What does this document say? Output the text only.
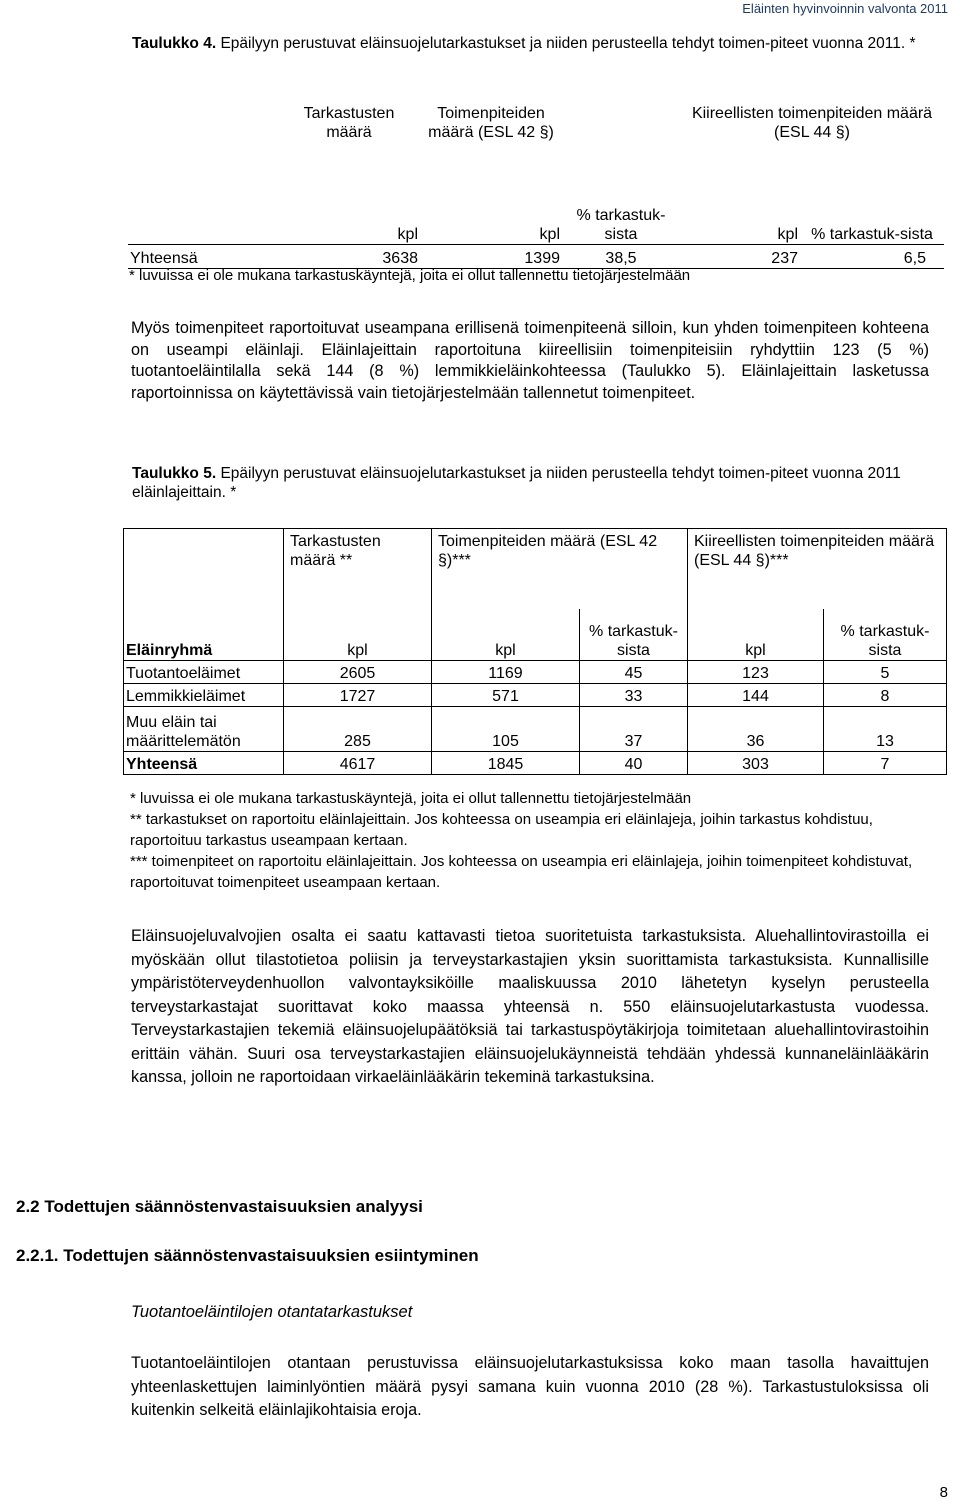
Eläinten hyvinvoinnin valvonta 2011
Taulukko 4. Epäilyyn perustuvat eläinsuojelutarkastukset ja niiden perusteella tehdyt toimen-piteet vuonna 2011. *
	Tarkastusten määrä	Toimenpiteiden määrä (ESL 42 §)		Kiireellisten toimenpiteiden määrä (ESL 44 §)	
	kpl	kpl	% tarkastuk-sista	kpl	% tarkastuk-sista
Yhteensä	3638	1399	38,5	237	6,5
* luvuissa ei ole mukana tarkastuskäyntejä, joita ei ollut tallennettu tietojärjestelmään
Myös toimenpiteet raportoituvat useampana erillisenä toimenpiteenä silloin, kun yhden toimenpiteen kohteena on useampi eläinlaji. Eläinlajeittain raportoituna kiireellisiin toimenpiteisiin ryhdyttiin 123 (5 %) tuotantoeläintilalla sekä 144 (8 %) lemmikkieläinkohteessa (Taulukko 5). Eläinlajeittain lasketussa raportoinnissa on käytettävissä vain tietojärjestelmään tallennetut toimenpiteet.
Taulukko 5. Epäilyyn perustuvat eläinsuojelutarkastukset ja niiden perusteella tehdyt toimen-piteet vuonna 2011 eläinlajeittain. *
	Tarkastusten määrä **	Toimenpiteiden määrä (ESL 42 §)***		Kiireellisten toimenpiteiden määrä (ESL 44 §)***	
Eläinryhmä	kpl	kpl	% tarkastuk-sista	kpl	% tarkastuk-sista
Tuotantoeläimet	2605	1169	45	123	5
Lemmikkieläimet	1727	571	33	144	8

Muu eläin tai
määrittelemätön	285	105	37	36	13
Yhteensä	4617	1845	40	303	7
* luvuissa ei ole mukana tarkastuskäyntejä, joita ei ollut tallennettu tietojärjestelmään
** tarkastukset on raportoitu eläinlajeittain. Jos kohteessa on useampia eri eläinlajeja, joihin tarkastus kohdistuu, raportoituu tarkastus useampaan kertaan.
*** toimenpiteet on raportoitu eläinlajeittain. Jos kohteessa on useampia eri eläinlajeja, joihin toimenpiteet kohdistuvat, raportoituvat toimenpiteet useampaan kertaan.
Eläinsuojeluvalvojien osalta ei saatu kattavasti tietoa suoritetuista tarkastuksista. Aluehallintovirastoilla ei myöskään ollut tilastotietoa poliisin ja terveystarkastajien yksin suorittamista tarkastuksista. Kunnallisille ympäristöterveydenhuollon valvontayksiköille maaliskuussa 2010 lähetetyn kyselyn perusteella terveystarkastajat suorittavat koko maassa yhteensä n. 550 eläinsuojelutarkastusta vuodessa. Terveystarkastajien tekemiä eläinsuojelupäätöksiä tai tarkastuspöytäkirjoja toimitetaan aluehallintovirastoihin erittäin vähän. Suuri osa terveystarkastajien eläinsuojelukäynneistä tehdään yhdessä kunnaneläinlääkärin kanssa, jolloin ne raportoidaan virkaeläinlääkärin tekeminä tarkastuksina.
2.2 Todettujen säännöstenvastaisuuksien analyysi
2.2.1. Todettujen säännöstenvastaisuuksien esiintyminen
Tuotantoeläintilojen otantatarkastukset
Tuotantoeläintilojen otantaan perustuvissa eläinsuojelutarkastuksissa koko maan tasolla havaittujen yhteenlaskettujen laiminlyöntien määrä pysyi samana kuin vuonna 2010 (28 %). Tarkastustuloksissa oli kuitenkin selkeitä eläinlajikohtaisia eroja.
8
